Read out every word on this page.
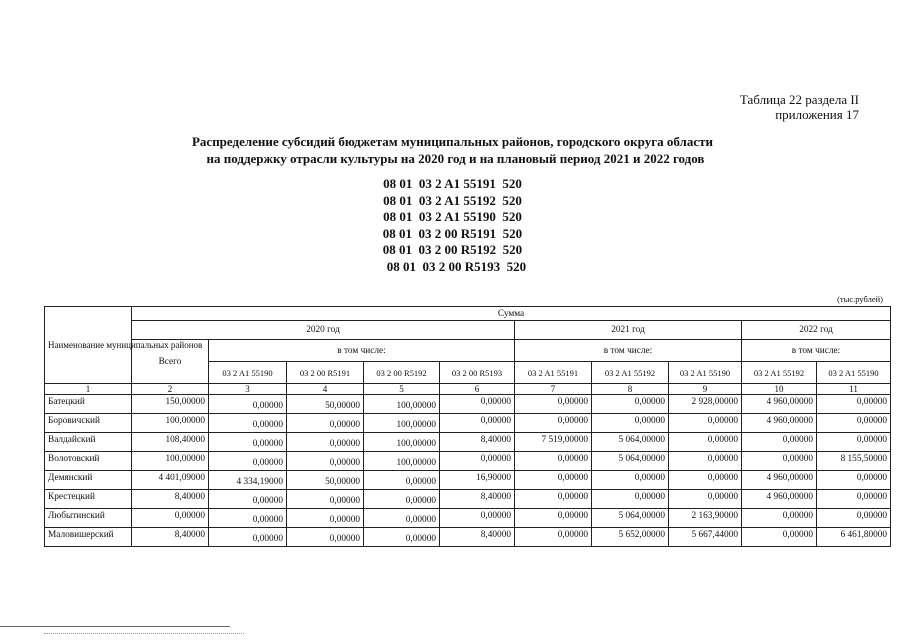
Таблица 22 раздела II
приложения 17
Распределение субсидий бюджетам муниципальных районов, городского округа области
на поддержку отрасли культуры на 2020 год и на плановый период 2021 и 2022 годов
08 01  03 2 A1 55191  520
08 01  03 2 A1 55192  520
08 01  03 2 A1 55190  520
08 01  03 2 00 R5191  520
08 01  03 2 00 R5192  520
08 01  03 2 00 R5193  520
(тыс.рублей)
Наименование муниципальных районов	Сумма									
	2020 год					2021 год			2022 год	
	Всего	в том числе:				в том числе:			в том числе:	
		03 2 A1 55190	03 2 00 R5191	03 2 00 R5192	03 2 00 R5193	03 2 A1 55191	03 2 A1 55192	03 2 A1 55190	03 2 A1 55192	03 2 A1 55190
1	2	3	4	5	6	7	8	9	10	11
Батецкий	150,00000	0,00000	50,00000	100,00000	0,00000	0,00000	0,00000	2 928,00000	4 960,00000	0,00000
Боровичский	100,00000	0,00000	0,00000	100,00000	0,00000	0,00000	0,00000	0,00000	4 960,00000	0,00000
Валдайский	108,40000	0,00000	0,00000	100,00000	8,40000	7 519,00000	5 064,00000	0,00000	0,00000	0,00000
Волотовский	100,00000	0,00000	0,00000	100,00000	0,00000	0,00000	5 064,00000	0,00000	0,00000	8 155,50000
Демянский	4 401,09000	4 334,19000	50,00000	0,00000	16,90000	0,00000	0,00000	0,00000	4 960,00000	0,00000
Крестецкий	8,40000	0,00000	0,00000	0,00000	8,40000	0,00000	0,00000	0,00000	4 960,00000	0,00000
Любытинский	0,00000	0,00000	0,00000	0,00000	0,00000	0,00000	5 064,00000	2 163,90000	0,00000	0,00000
Маловишерский	8,40000	0,00000	0,00000	0,00000	8,40000	0,00000	5 652,00000	5 667,44000	0,00000	6 461,80000
